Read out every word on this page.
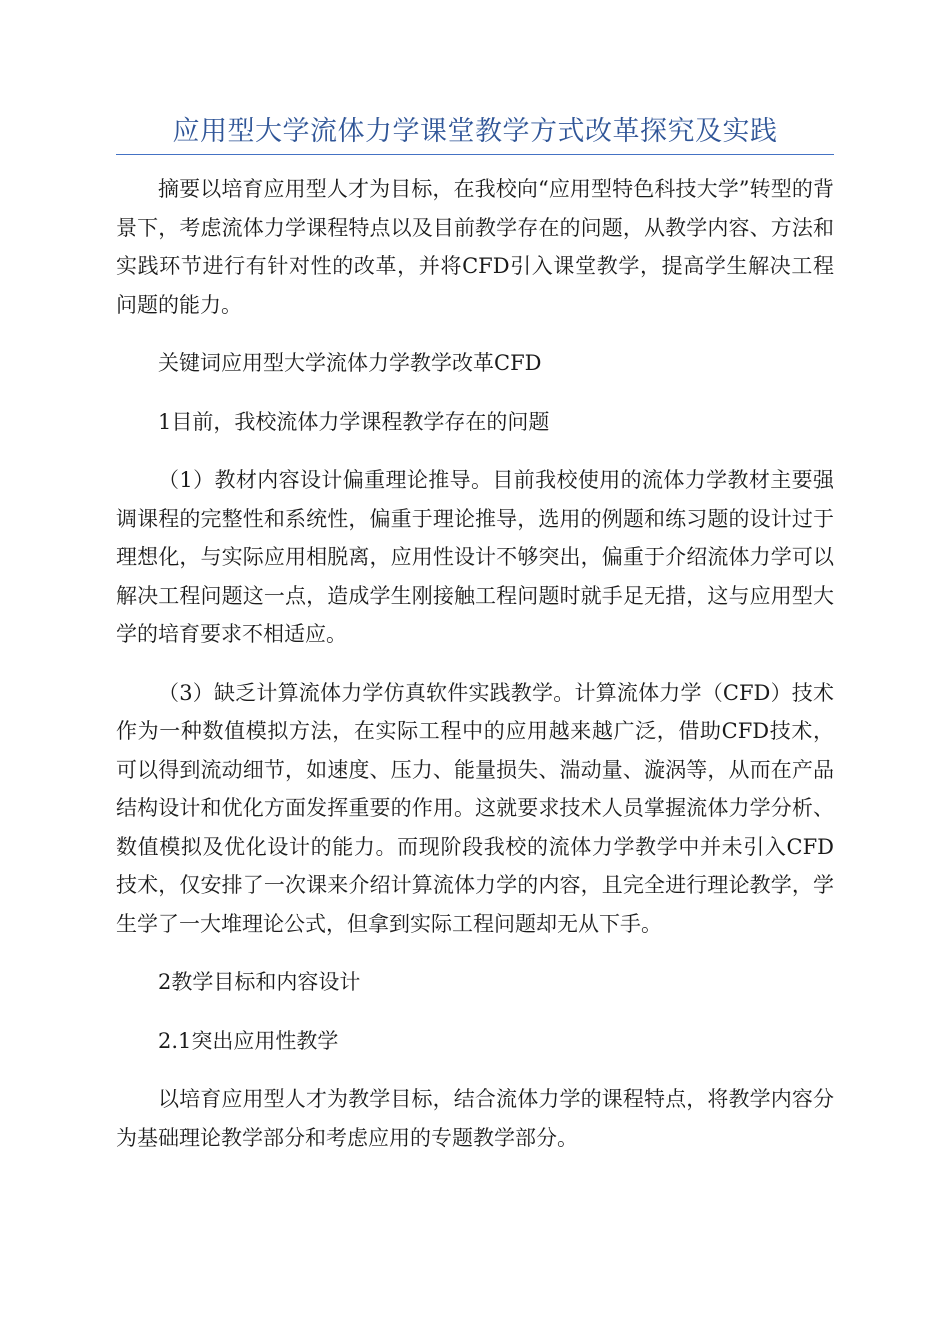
应用型大学流体力学课堂教学方式改革探究及实践

摘要以培育应用型人才为目标，在我校向“应用型特色科技大学”转型的背景下，考虑流体力学课程特点以及目前教学存在的问题，从教学内容、方法和实践环节进行有针对性的改革，并将CFD引入课堂教学，提高学生解决工程问题的能力。

关键词应用型大学流体力学教学改革CFD

1目前，我校流体力学课程教学存在的问题

（1）教材内容设计偏重理论推导。目前我校使用的流体力学教材主要强调课程的完整性和系统性，偏重于理论推导，选用的例题和练习题的设计过于理想化，与实际应用相脱离，应用性设计不够突出，偏重于介绍流体力学可以解决工程问题这一点，造成学生刚接触工程问题时就手足无措，这与应用型大学的培育要求不相适应。

（3）缺乏计算流体力学仿真软件实践教学。计算流体力学（CFD）技术作为一种数值模拟方法，在实际工程中的应用越来越广泛，借助CFD技术，可以得到流动细节，如速度、压力、能量损失、湍动量、漩涡等，从而在产品结构设计和优化方面发挥重要的作用。这就要求技术人员掌握流体力学分析、数值模拟及优化设计的能力。而现阶段我校的流体力学教学中并未引入CFD技术，仅安排了一次课来介绍计算流体力学的内容，且完全进行理论教学，学生学了一大堆理论公式，但拿到实际工程问题却无从下手。

2教学目标和内容设计

2.1突出应用性教学

以培育应用型人才为教学目标，结合流体力学的课程特点，将教学内容分为基础理论教学部分和考虑应用的专题教学部分。
